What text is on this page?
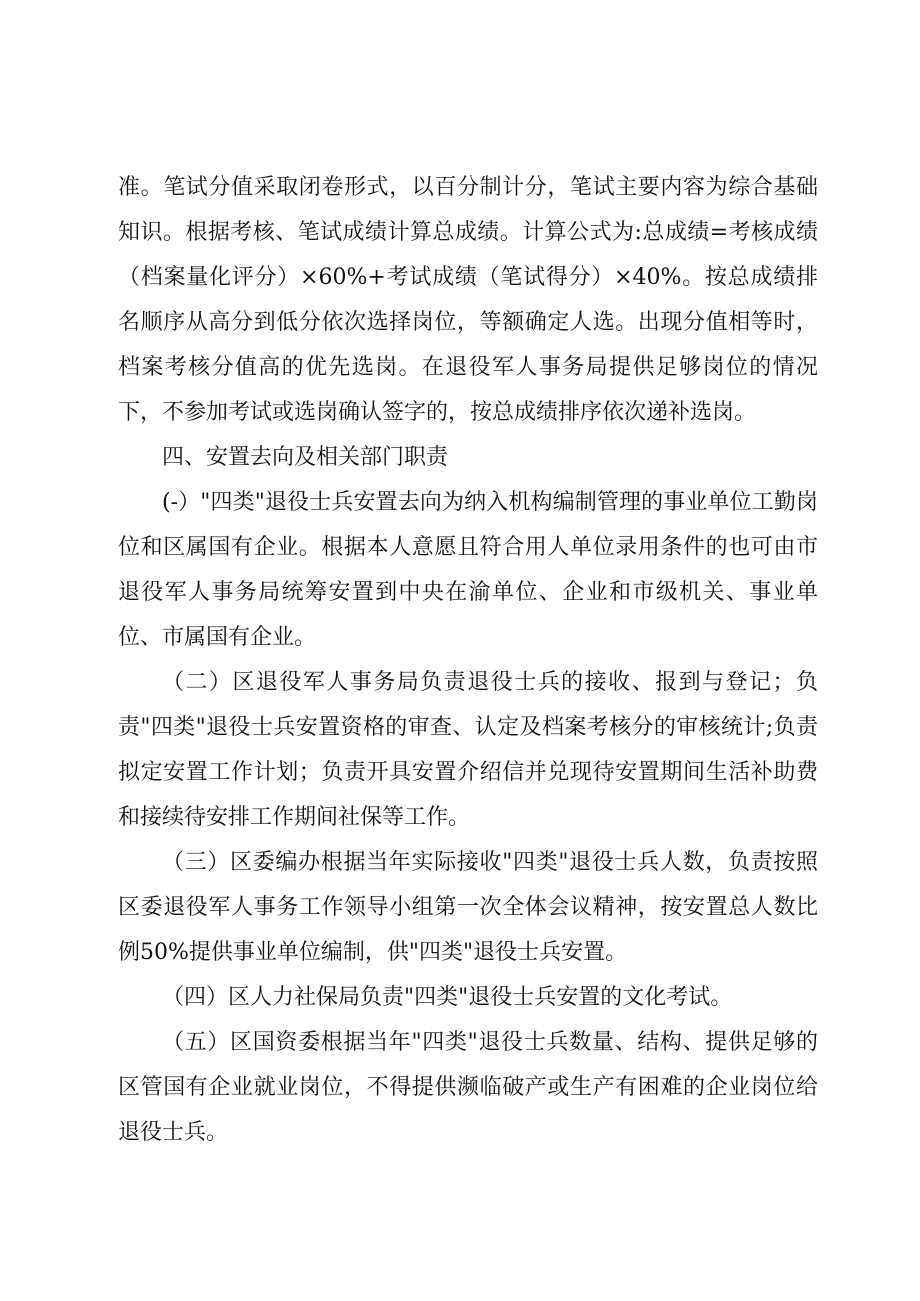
准。笔试分值采取闭卷形式，以百分制计分，笔试主要内容为综合基础知识。根据考核、笔试成绩计算总成绩。计算公式为:总成绩=考核成绩（档案量化评分）×60%+考试成绩（笔试得分）×40%。按总成绩排名顺序从高分到低分依次选择岗位，等额确定人选。出现分值相等时，档案考核分值高的优先选岗。在退役军人事务局提供足够岗位的情况下，不参加考试或选岗确认签字的，按总成绩排序依次递补选岗。

四、安置去向及相关部门职责

(-）"四类"退役士兵安置去向为纳入机构编制管理的事业单位工勤岗位和区属国有企业。根据本人意愿且符合用人单位录用条件的也可由市退役军人事务局统筹安置到中央在渝单位、企业和市级机关、事业单位、市属国有企业。

（二）区退役军人事务局负责退役士兵的接收、报到与登记；负责"四类"退役士兵安置资格的审查、认定及档案考核分的审核统计;负责拟定安置工作计划；负责开具安置介绍信并兑现待安置期间生活补助费和接续待安排工作期间社保等工作。

（三）区委编办根据当年实际接收"四类"退役士兵人数，负责按照区委退役军人事务工作领导小组第一次全体会议精神，按安置总人数比例50%提供事业单位编制，供"四类"退役士兵安置。

（四）区人力社保局负责"四类"退役士兵安置的文化考试。

（五）区国资委根据当年"四类"退役士兵数量、结构、提供足够的区管国有企业就业岗位，不得提供濒临破产或生产有困难的企业岗位给退役士兵。
